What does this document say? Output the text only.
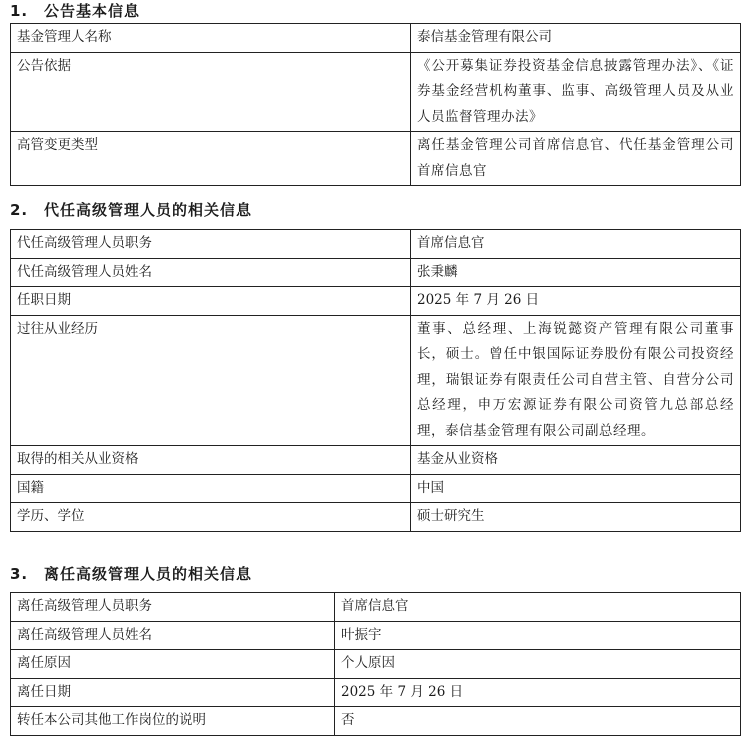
1. 公告基本信息
基金管理人名称	泰信基金管理有限公司
公告依据	《公开募集证券投资基金信息披露管理办法》、《证券基金经营机构董事、监事、高级管理人员及从业人员监督管理办法》
高管变更类型	离任基金管理公司首席信息官、代任基金管理公司首席信息官
2. 代任高级管理人员的相关信息
代任高级管理人员职务	首席信息官
代任高级管理人员姓名	张秉麟
任职日期	2025 年 7 月 26 日
过往从业经历	董事、总经理、上海锐懿资产管理有限公司董事长，硕士。曾任中银国际证券股份有限公司投资经理，瑞银证券有限责任公司自营主管、自营分公司总经理，申万宏源证券有限公司资管九总部总经理，泰信基金管理有限公司副总经理。
取得的相关从业资格	基金从业资格
国籍	中国
学历、学位	硕士研究生
3. 离任高级管理人员的相关信息
离任高级管理人员职务	首席信息官
离任高级管理人员姓名	叶振宇
离任原因	个人原因
离任日期	2025 年 7 月 26 日
转任本公司其他工作岗位的说明	否
